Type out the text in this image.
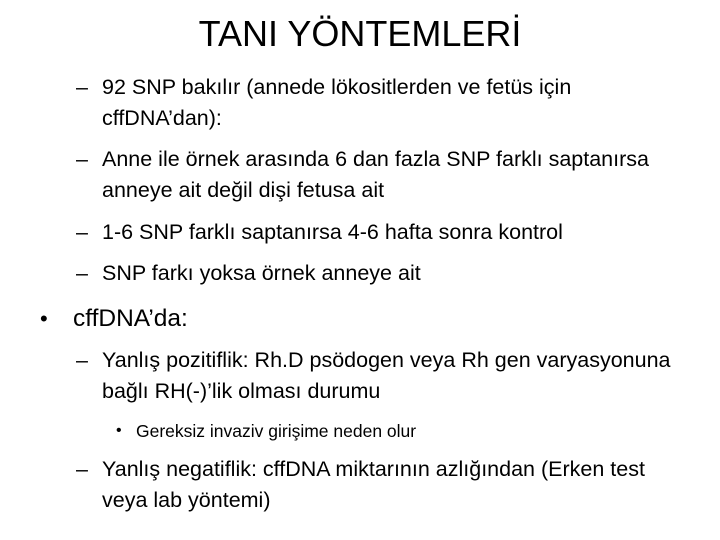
TANI YÖNTEMLERİ

– 92 SNP bakılır (annede lökositlerden ve fetüs için cffDNA’dan):

– Anne ile örnek arasında 6 dan fazla SNP farklı saptanırsa anneye ait değil dişi fetusa ait

– 1-6 SNP farklı saptanırsa 4-6 hafta sonra kontrol

– SNP farkı yoksa örnek anneye ait

• cffDNA’da:

– Yanlış pozitiflik: Rh.D psödogen veya Rh gen varyasyonuna bağlı RH(-)’lik olması durumu

• Gereksiz invaziv girişime neden olur

– Yanlış negatiflik: cffDNA miktarının azlığından (Erken test veya lab yöntemi)
